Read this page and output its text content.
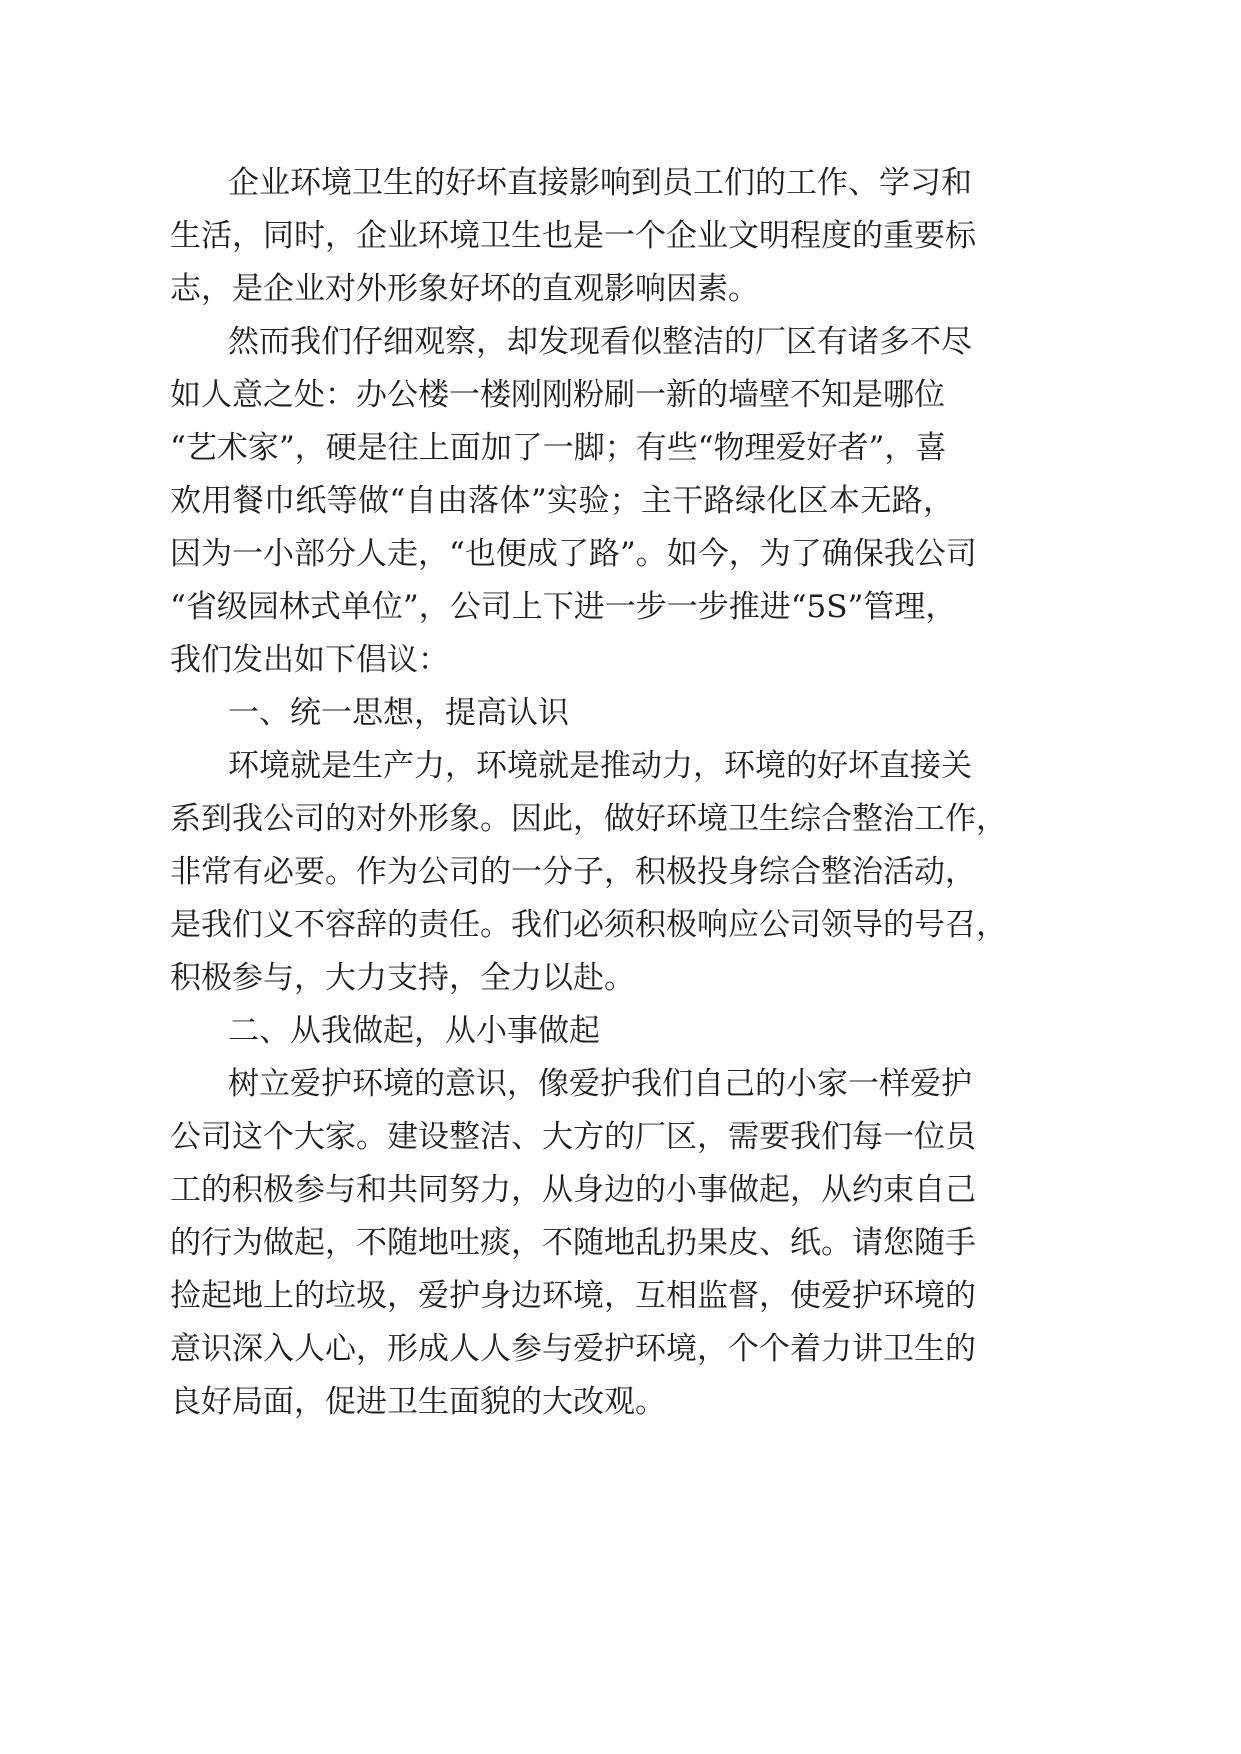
企业环境卫生的好坏直接影响到员工们的工作、学习和
生活，同时，企业环境卫生也是一个企业文明程度的重要标
志，是企业对外形象好坏的直观影响因素。
然而我们仔细观察，却发现看似整洁的厂区有诸多不尽
如人意之处：办公楼一楼刚刚粉刷一新的墙壁不知是哪位
“艺术家”，硬是往上面加了一脚；有些“物理爱好者”，喜
欢用餐巾纸等做“自由落体”实验；主干路绿化区本无路，
因为一小部分人走，“也便成了路”。如今，为了确保我公司
“省级园林式单位”，公司上下进一步一步推进“5S”管理，
我们发出如下倡议：
一、统一思想，提高认识
环境就是生产力，环境就是推动力，环境的好坏直接关
系到我公司的对外形象。因此，做好环境卫生综合整治工作，
非常有必要。作为公司的一分子，积极投身综合整治活动，
是我们义不容辞的责任。我们必须积极响应公司领导的号召，
积极参与，大力支持，全力以赴。
二、从我做起，从小事做起
树立爱护环境的意识，像爱护我们自己的小家一样爱护
公司这个大家。建设整洁、大方的厂区，需要我们每一位员
工的积极参与和共同努力，从身边的小事做起，从约束自己
的行为做起，不随地吐痰，不随地乱扔果皮、纸。请您随手
捡起地上的垃圾，爱护身边环境，互相监督，使爱护环境的
意识深入人心，形成人人参与爱护环境，个个着力讲卫生的
良好局面，促进卫生面貌的大改观。
